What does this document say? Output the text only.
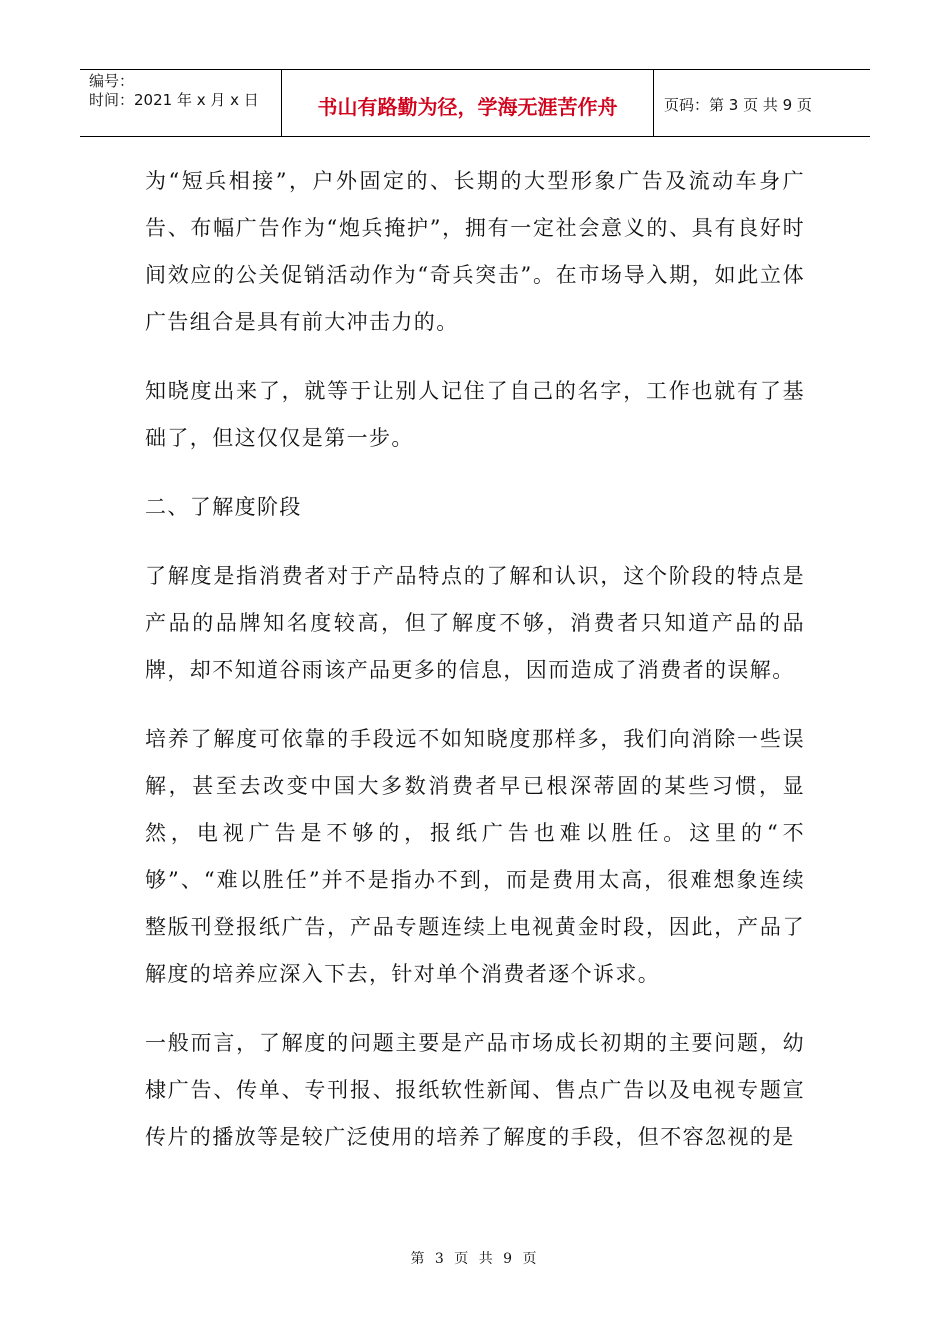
编号：
时间：2021 年 x 月 x 日	书山有路勤为径，学海无涯苦作舟	页码：第 3 页 共 9 页

为“短兵相接”，户外固定的、长期的大型形象广告及流动车身广告、布幅广告作为“炮兵掩护”，拥有一定社会意义的、具有良好时间效应的公关促销活动作为“奇兵突击”。在市场导入期，如此立体广告组合是具有前大冲击力的。

知晓度出来了，就等于让别人记住了自己的名字，工作也就有了基础了，但这仅仅是第一步。

二、了解度阶段

了解度是指消费者对于产品特点的了解和认识，这个阶段的特点是产品的品牌知名度较高，但了解度不够，消费者只知道产品的品牌，却不知道谷雨该产品更多的信息，因而造成了消费者的误解。

培养了解度可依靠的手段远不如知晓度那样多，我们向消除一些误解，甚至去改变中国大多数消费者早已根深蒂固的某些习惯，显然，电视广告是不够的，报纸广告也难以胜任。这里的“不够”、“难以胜任”并不是指办不到，而是费用太高，很难想象连续整版刊登报纸广告，产品专题连续上电视黄金时段，因此，产品了解度的培养应深入下去，针对单个消费者逐个诉求。

一般而言，了解度的问题主要是产品市场成长初期的主要问题，幼棣广告、传单、专刊报、报纸软性新闻、售点广告以及电视专题宣传片的播放等是较广泛使用的培养了解度的手段，但不容忽视的是

第 3 页 共 9 页
